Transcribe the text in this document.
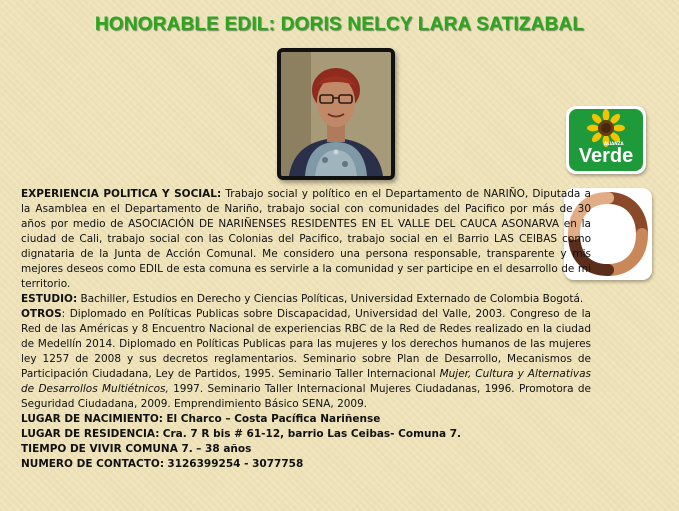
HONORABLE EDIL: DORIS NELCY LARA SATIZABAL
ALIANZA
Verde

EXPERIENCIA POLITICA Y SOCIAL: Trabajo social y político en el Departamento de NARIÑO, Diputada a la Asamblea en el Departamento de Nariño, trabajo social con comunidades del Pacifico por más de 30 años por medio de ASOCIACIÓN DE NARIÑENSES RESIDENTES EN EL VALLE DEL CAUCA ASONARVA en la ciudad de Cali, trabajo social con las Colonias del Pacifico, trabajo social en el Barrio LAS CEIBAS como dignataria de la Junta de Acción Comunal. Me considero una persona responsable, transparente y mis mejores deseos como EDIL de esta comuna es servirle a la comunidad y ser participe en el desarrollo de mi territorio.

ESTUDIO: Bachiller, Estudios en Derecho y Ciencias Políticas, Universidad Externado de Colombia Bogotá.

OTROS: Diplomado en Políticas Publicas sobre Discapacidad, Universidad del Valle, 2003. Congreso de la Red de las Américas y 8 Encuentro Nacional de experiencias RBC de la Red de Redes realizado en la ciudad de Medellín 2014. Diplomado en Políticas Publicas para las mujeres y los derechos humanos de las mujeres ley 1257 de 2008 y sus decretos reglamentarios. Seminario sobre Plan de Desarrollo, Mecanismos de Participación Ciudadana, Ley de Partidos, 1995. Seminario Taller Internacional Mujer, Cultura y Alternativas de Desarrollos Multiétnicos, 1997. Seminario Taller Internacional Mujeres Ciudadanas, 1996. Promotora de Seguridad Ciudadana, 2009. Emprendimiento Básico SENA, 2009.

LUGAR DE NACIMIENTO: El Charco – Costa Pacífica Nariñense

LUGAR DE RESIDENCIA: Cra. 7 R bis # 61-12, barrio Las Ceibas- Comuna 7.

TIEMPO DE VIVIR COMUNA 7. – 38 años

NUMERO DE CONTACTO: 3126399254 - 3077758
